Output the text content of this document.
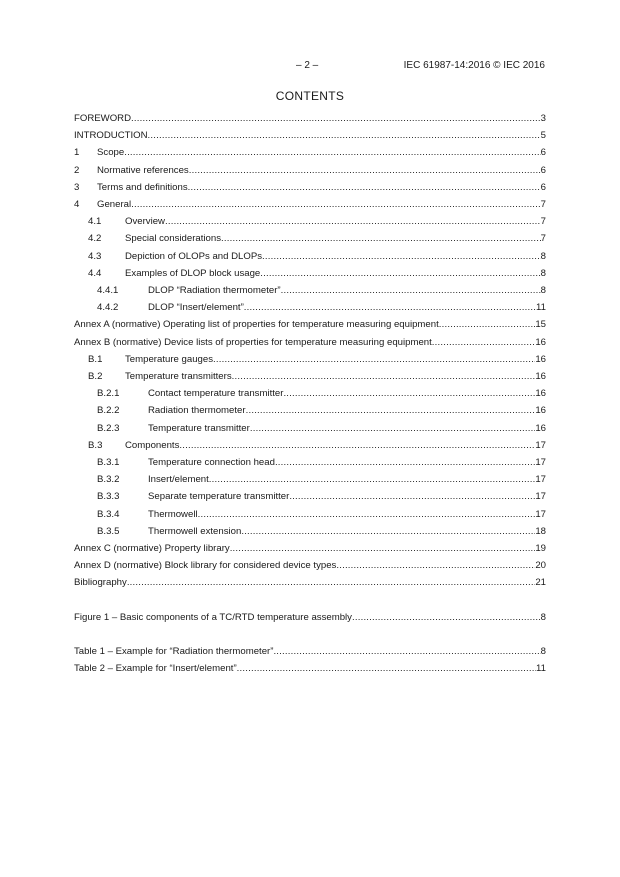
– 2 –	IEC 61987-14:2016 © IEC 2016
CONTENTS
FOREWORD .....	3
INTRODUCTION .....	5
1 Scope .....	6
2 Normative references .....	6
3 Terms and definitions .....	6
4 General .....	7
4.1 Overview .....	7
4.2 Special considerations .....	7
4.3 Depiction of OLOPs and DLOPs .....	8
4.4 Examples of DLOP block usage .....	8
4.4.1	DLOP “Radiation thermometer” .....	8
4.4.2	DLOP “Insert/element” .....	11
Annex A (normative) Operating list of properties for temperature measuring equipment .....	15
Annex B (normative) Device lists of properties for temperature measuring equipment .....	16
B.1 Temperature gauges .....	16
B.2 Temperature transmitters .....	16
B.2.1	Contact temperature transmitter .....	16
B.2.2	Radiation thermometer .....	16
B.2.3	Temperature transmitter .....	16
B.3 Components .....	17
B.3.1	Temperature connection head .....	17
B.3.2	Insert/element .....	17
B.3.3	Separate temperature transmitter .....	17
B.3.4	Thermowell .....	17
B.3.5	Thermowell extension .....	18
Annex C (normative) Property library .....	19
Annex D (normative) Block library for considered device types .....	20
Bibliography .....	21
Figure 1 – Basic components of a TC/RTD temperature assembly .....	8
Table 1 – Example for “Radiation thermometer” .....	8
Table 2 – Example for “Insert/element” .....	11
